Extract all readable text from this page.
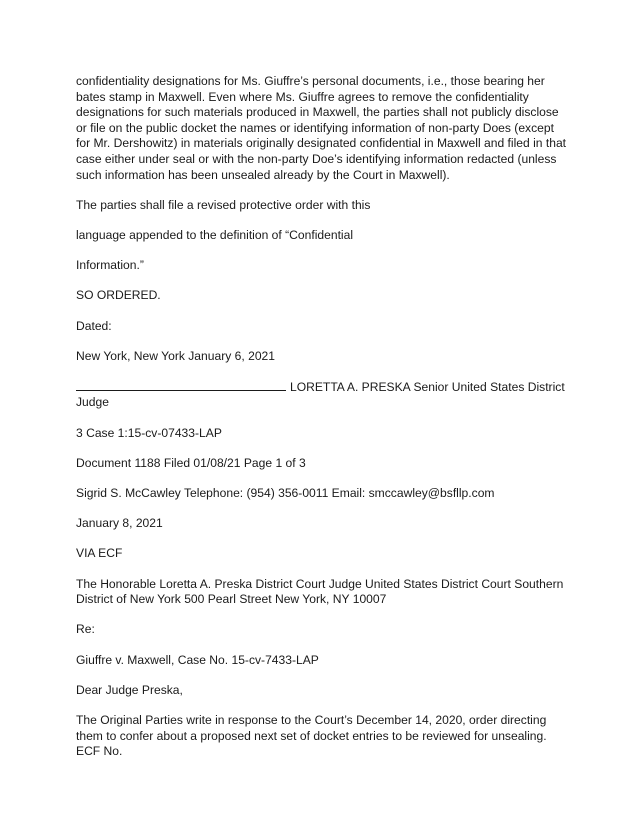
confidentiality designations for Ms. Giuffre’s personal documents, i.e., those bearing her bates stamp in Maxwell. Even where Ms. Giuffre agrees to remove the confidentiality designations for such materials produced in Maxwell, the parties shall not publicly disclose or file on the public docket the names or identifying information of non-party Does (except for Mr. Dershowitz) in materials originally designated confidential in Maxwell and filed in that case either under seal or with the non-party Doe’s identifying information redacted (unless such information has been unsealed already by the Court in Maxwell).

The parties shall file a revised protective order with this

language appended to the definition of “Confidential

Information.”

SO ORDERED.

Dated:

New York, New York January 6, 2021

LORETTA A. PRESKA Senior United States District Judge

3 Case 1:15-cv-07433-LAP

Document 1188 Filed 01/08/21 Page 1 of 3

Sigrid S. McCawley Telephone: (954) 356-0011 Email: smccawley@bsfllp.com

January 8, 2021

VIA ECF

The Honorable Loretta A. Preska District Court Judge United States District Court Southern District of New York 500 Pearl Street New York, NY 10007

Re:

Giuffre v. Maxwell, Case No. 15-cv-7433-LAP

Dear Judge Preska,

The Original Parties write in response to the Court’s December 14, 2020, order directing them to confer about a proposed next set of docket entries to be reviewed for unsealing. ECF No.
